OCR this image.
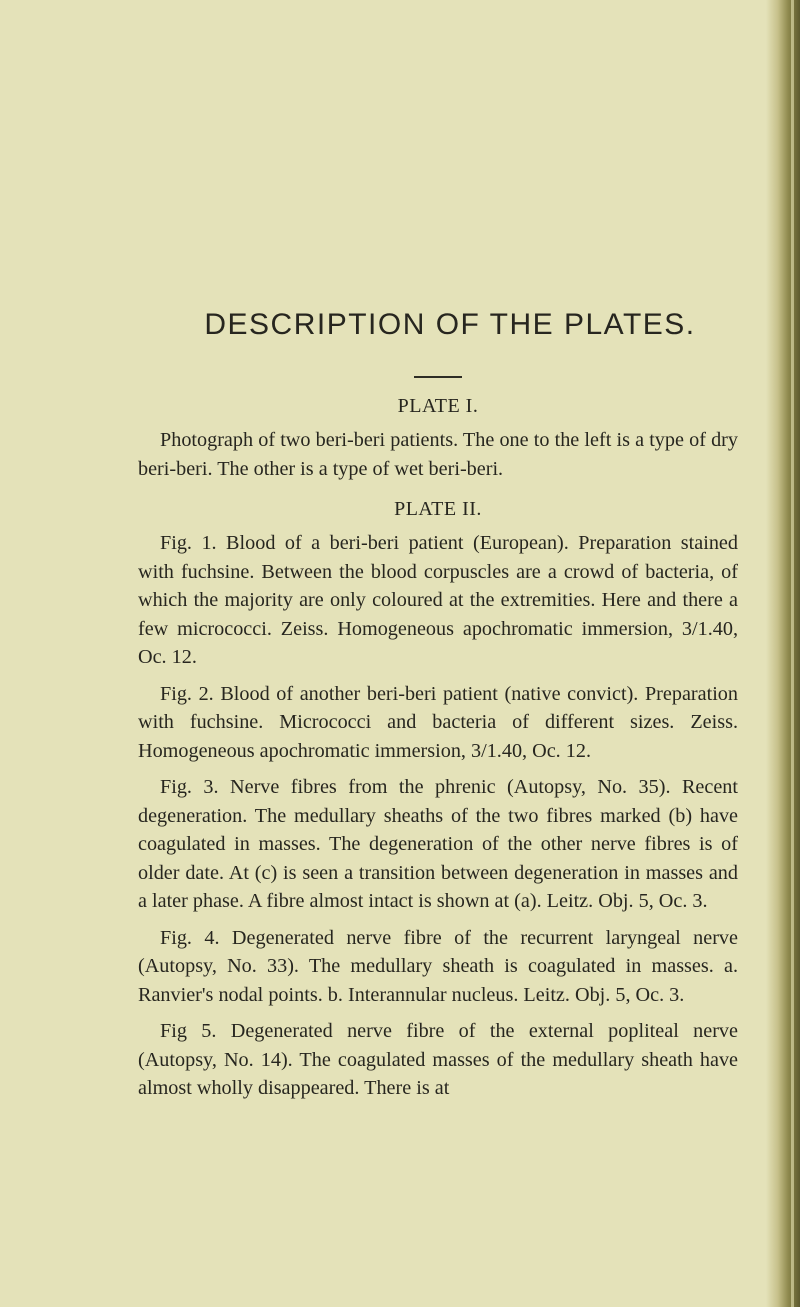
DESCRIPTION OF THE PLATES.
PLATE I.

Photograph of two beri-beri patients. The one to the left is a type of dry beri-beri. The other is a type of wet beri-beri.

PLATE II.

Fig. 1. Blood of a beri-beri patient (European). Preparation stained with fuchsine. Between the blood corpuscles are a crowd of bacteria, of which the majority are only coloured at the extremities. Here and there a few micrococci. Zeiss. Homogeneous apochromatic immersion, 3/1.40, Oc. 12.

Fig. 2. Blood of another beri-beri patient (native convict). Preparation with fuchsine. Micrococci and bacteria of different sizes. Zeiss. Homogeneous apochromatic immersion, 3/1.40, Oc. 12.

Fig. 3. Nerve fibres from the phrenic (Autopsy, No. 35). Recent degeneration. The medullary sheaths of the two fibres marked (b) have coagulated in masses. The degeneration of the other nerve fibres is of older date. At (c) is seen a transition between degeneration in masses and a later phase. A fibre almost intact is shown at (a). Leitz. Obj. 5, Oc. 3.

Fig. 4. Degenerated nerve fibre of the recurrent laryngeal nerve (Autopsy, No. 33). The medullary sheath is coagulated in masses. a. Ranvier's nodal points. b. Interannular nucleus. Leitz. Obj. 5, Oc. 3.

Fig 5. Degenerated nerve fibre of the external popliteal nerve (Autopsy, No. 14). The coagulated masses of the medullary sheath have almost wholly disappeared. There is at
